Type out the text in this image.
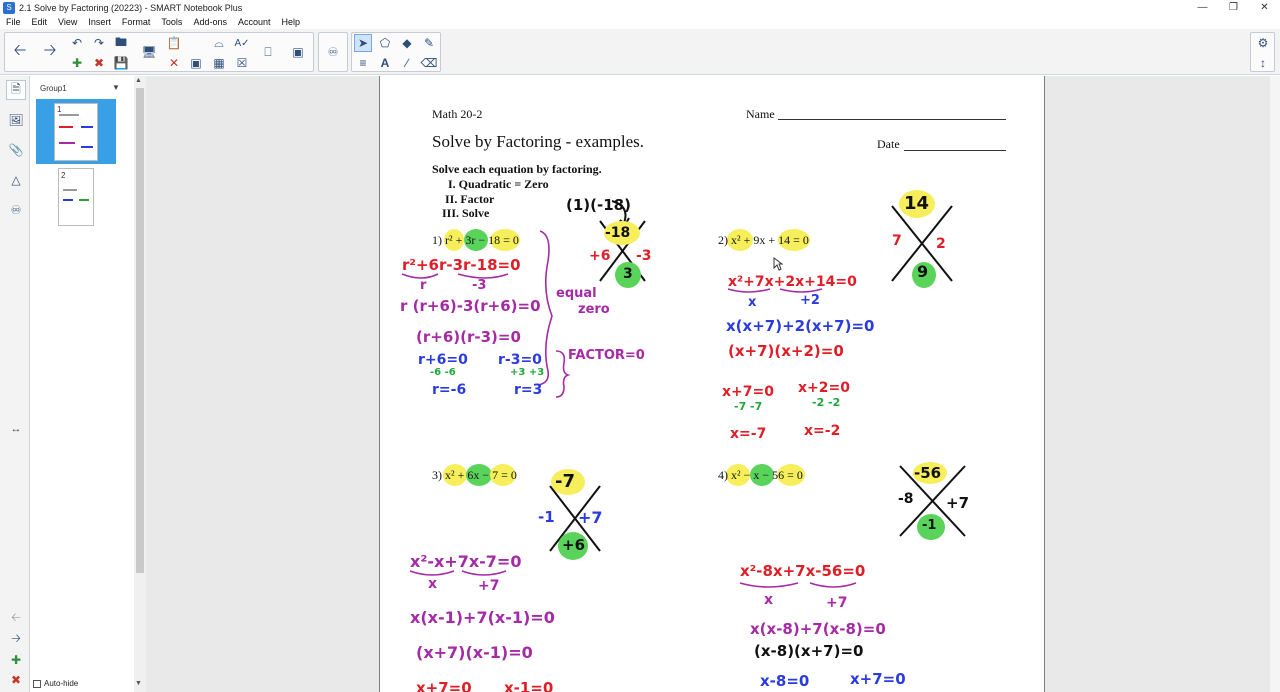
S 2.1 Solve by Factoring (20223) - SMART Notebook Plus	—	❐	✕
File	Edit	View	Insert	Format	Tools	Add-ons	Account	Help
🡠 🡢	↶ ↷ 🖿
✚ ✖ 💾
🖥
📋
✕ ▣
⌓
▦
A✓
☒
⎕	▣	♾
➤ ⬠	◆	✎
≡	A	∕	⌫
⚙
↕
🗎
🖼
📎
△
♾
↔
🡠
🡢
✚
✖
Group1	▼
1
2
▲
▼
Auto-hide
Math 20-2	Name
Solve by Factoring - examples.	Date
Solve each equation by factoring.
I. Quadratic = Zero
II. Factor
III. Solve
1) r² + 3r − 18 = 0	2) x² + 9x + 14 = 0
3) x² + 6x − 7 = 0	4) x² − x − 56 = 0
(1)(-18)
-18
+6 -3
3
r²+6r-3r-18=0
r	-3
r (r+6)-3(r+6)=0
(r+6)(r-3)=0
r+6=0
-6 -6
r=-6
r-3=0
+3 +3
r=3
equal
zero
FACTOR=0
14
7 2
9
x²+7x+2x+14=0
x	+2
x(x+7)+2(x+7)=0
(x+7)(x+2)=0
x+7=0
-7 -7
x=-7
x+2=0
-2 -2
x=-2
-7
-1 +7
+6
x²-x+7x-7=0
x	+7
x(x-1)+7(x-1)=0
(x+7)(x-1)=0
x+7=0 x-1=0
-56
-8 +7
-1
x²-8x+7x-56=0
x	+7
x(x-8)+7(x-8)=0
(x-8)(x+7)=0
x-8=0	x+7=0
